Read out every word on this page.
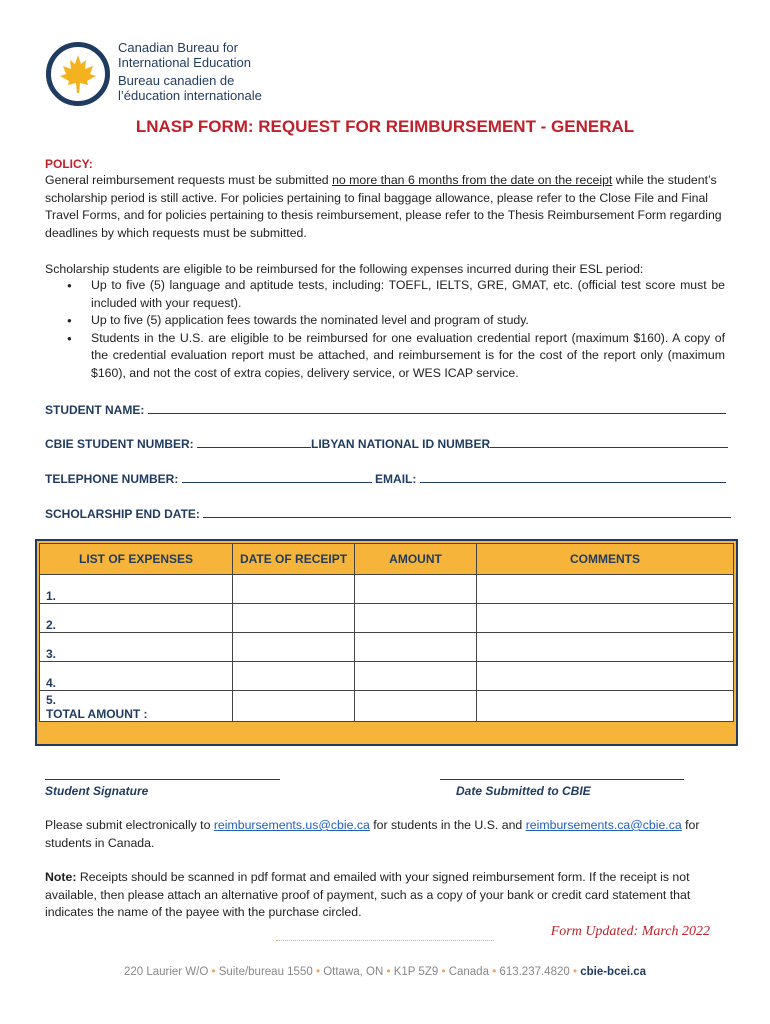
Canadian Bureau for
International Education
Bureau canadien de
l’éducation internationale
LNASP FORM: REQUEST FOR REIMBURSEMENT - GENERAL
POLICY:
General reimbursement requests must be submitted no more than 6 months from the date on the receipt while the student’s scholarship period is still active. For policies pertaining to final baggage allowance, please refer to the Close File and Final Travel Forms, and for policies pertaining to thesis reimbursement, please refer to the Thesis Reimbursement Form regarding deadlines by which requests must be submitted.
Scholarship students are eligible to be reimbursed for the following expenses incurred during their ESL period:
● Up to five (5) language and aptitude tests, including: TOEFL, IELTS, GRE, GMAT, etc. (official test score must be included with your request).
● Up to five (5) application fees towards the nominated level and program of study.
● Students in the U.S. are eligible to be reimbursed for one evaluation credential report (maximum $160). A copy of the credential evaluation report must be attached, and reimbursement is for the cost of the report only (maximum $160), and not the cost of extra copies, delivery service, or WES ICAP service.
STUDENT NAME:
CBIE STUDENT NUMBER:	LIBYAN NATIONAL ID NUMBER
TELEPHONE NUMBER:	EMAIL:
SCHOLARSHIP END DATE:
LIST OF EXPENSES	DATE OF RECEIPT	AMOUNT	COMMENTS
1.			
2.			
3.			
4.			

5.
TOTAL AMOUNT :			

Student Signature	Date Submitted to CBIE
Please submit electronically to reimbursements.us@cbie.ca for students in the U.S. and reimbursements.ca@cbie.ca for students in Canada.
Note: Receipts should be scanned in pdf format and emailed with your signed reimbursement form. If the receipt is not available, then please attach an alternative proof of payment, such as a copy of your bank or credit card statement that indicates the name of the payee with the purchase circled.
Form Updated: March 2022
220 Laurier W/O • Suite/bureau 1550 • Ottawa, ON • K1P 5Z9 • Canada • 613.237.4820 • cbie-bcei.ca
